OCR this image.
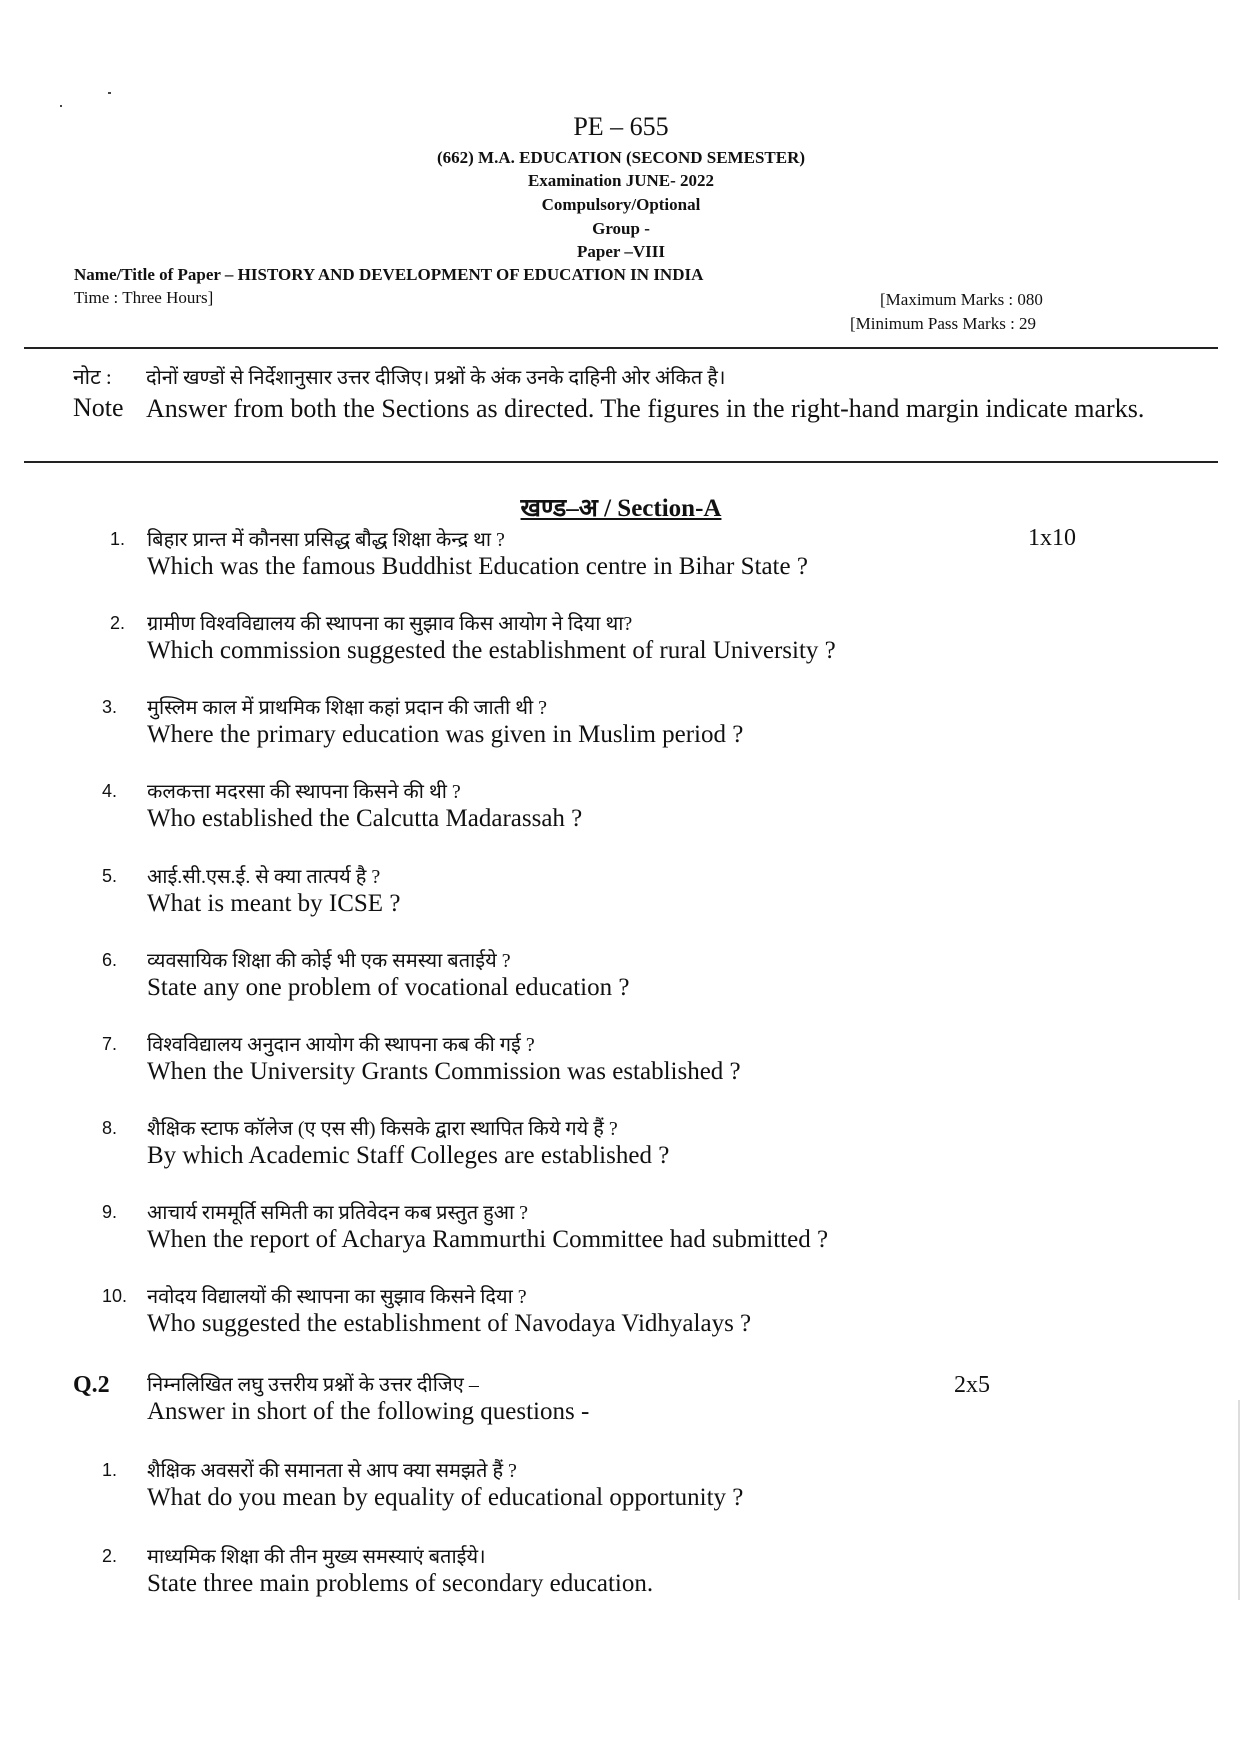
PE – 655
(662) M.A. EDUCATION (SECOND SEMESTER)
Examination JUNE- 2022
Compulsory/Optional
Group -
Paper –VIII
Name/Title of Paper – HISTORY AND DEVELOPMENT OF EDUCATION IN INDIA
Time : Three Hours]	[Maximum Marks : 080
[Minimum Pass Marks : 29
नोट : दोनों खण्डों से निर्देशानुसार उत्तर दीजिए। प्रश्नों के अंक उनके दाहिनी ओर अंकित है।
Note Answer from both the Sections as directed. The figures in the right-hand margin indicate marks.
खण्ड–अ / Section-A
1x10
1. बिहार प्रान्त में कौनसा प्रसिद्ध बौद्ध शिक्षा केन्द्र था ?
Which was the famous Buddhist Education centre in Bihar State ?
2. ग्रामीण विश्वविद्यालय की स्थापना का सुझाव किस आयोग ने दिया था?
Which commission suggested the establishment of rural University ?
3. मुस्लिम काल में प्राथमिक शिक्षा कहां प्रदान की जाती थी ?
Where the primary education was given in Muslim period ?
4. कलकत्ता मदरसा की स्थापना किसने की थी ?
Who established the Calcutta Madarassah ?
5. आई.सी.एस.ई. से क्या तात्पर्य है ?
What is meant by ICSE ?
6. व्यवसायिक शिक्षा की कोई भी एक समस्या बताईये ?
State any one problem of vocational education ?
7. विश्वविद्यालय अनुदान आयोग की स्थापना कब की गई ?
When the University Grants Commission was established ?
8. शैक्षिक स्टाफ कॉलेज (ए एस सी) किसके द्वारा स्थापित किये गये हैं ?
By which Academic Staff Colleges are established ?
9. आचार्य राममूर्ति समिती का प्रतिवेदन कब प्रस्तुत हुआ ?
When the report of Acharya Rammurthi Committee had submitted ?
10. नवोदय विद्यालयों की स्थापना का सुझाव किसने दिया ?
Who suggested the establishment of Navodaya Vidhyalays ?
Q.2 निम्नलिखित लघु उत्तरीय प्रश्नों के उत्तर दीजिए –
Answer in short of the following questions -
2x5
1. शैक्षिक अवसरों की समानता से आप क्या समझते हैं ?
What do you mean by equality of educational opportunity ?
2. माध्यमिक शिक्षा की तीन मुख्य समस्याएं बताईये।
State three main problems of secondary education.
